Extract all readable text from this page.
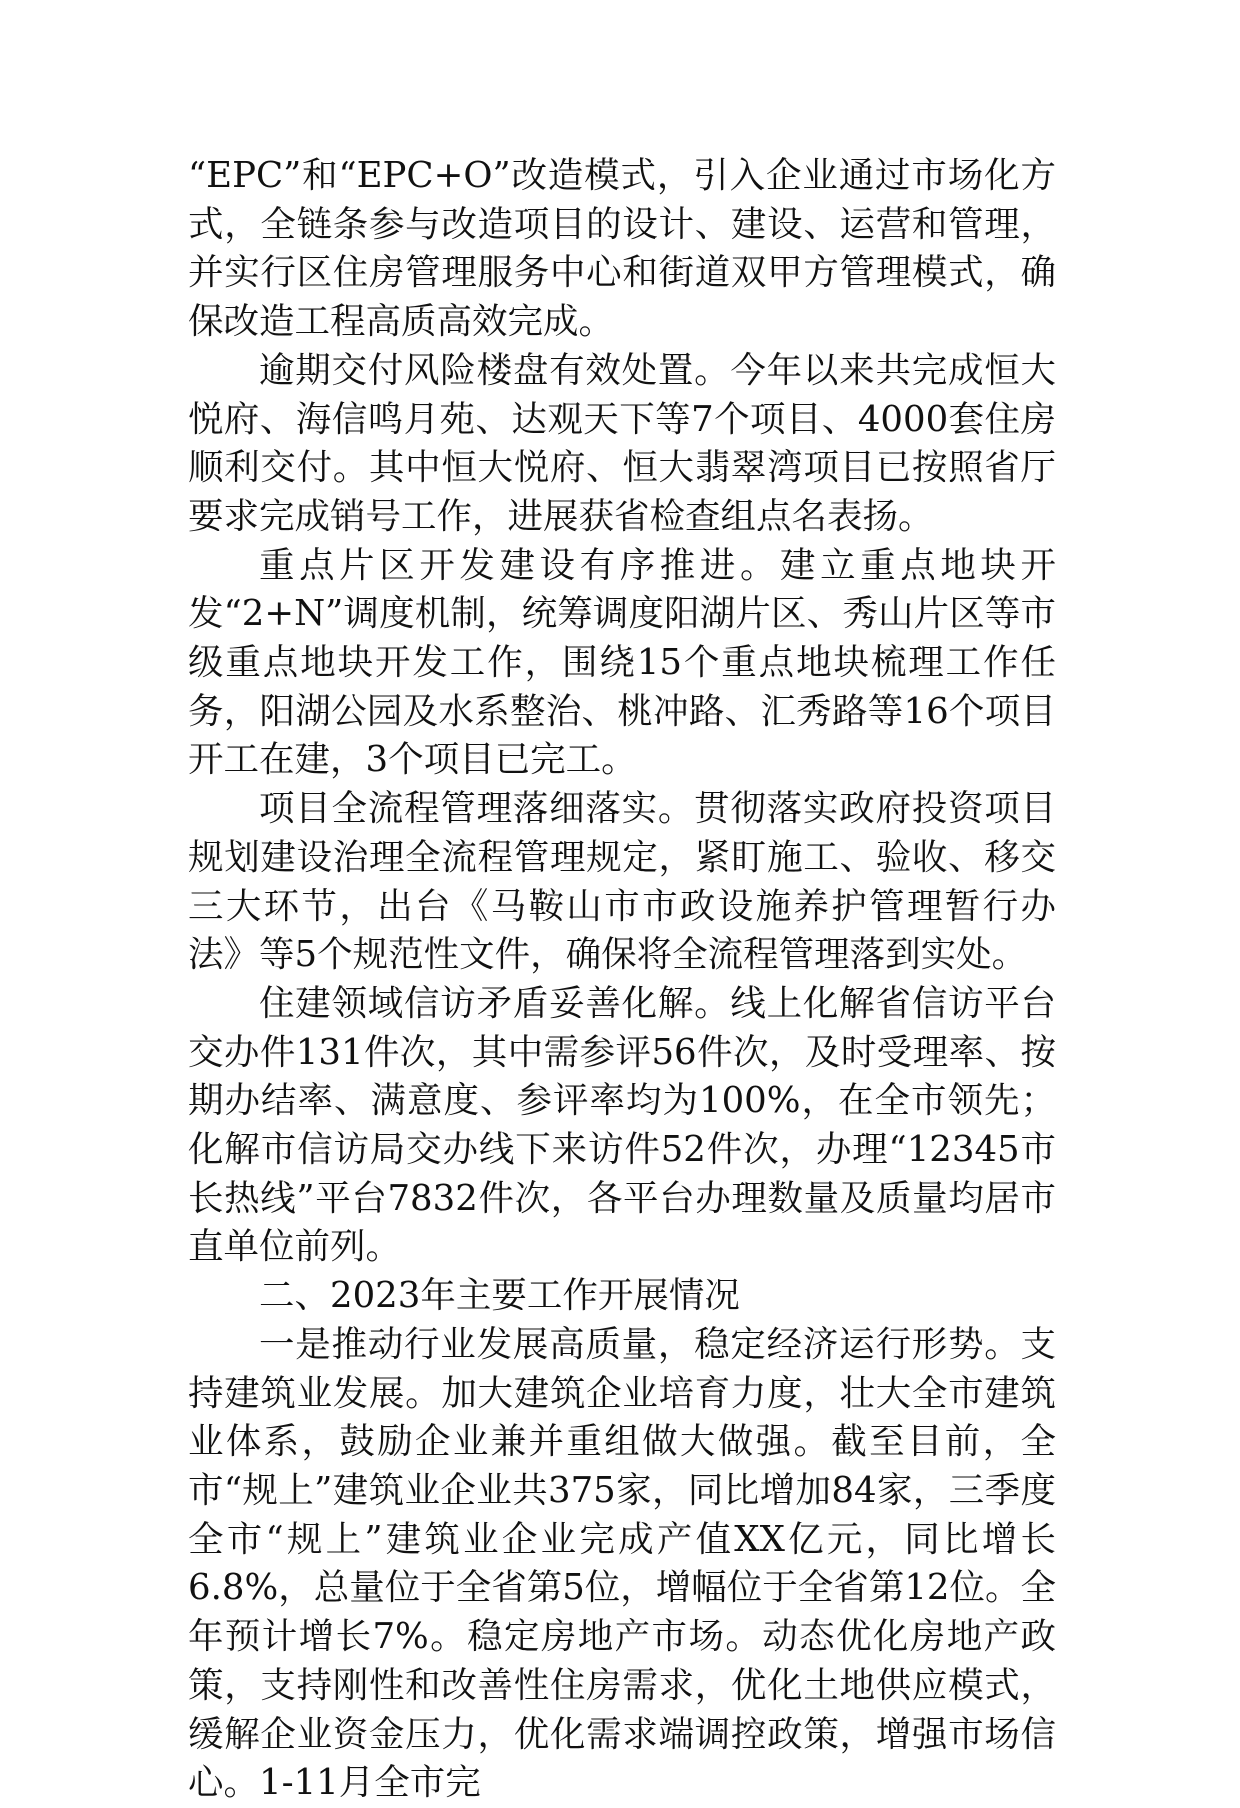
“EPC”和“EPC+O”改造模式，引入企业通过市场化方式，全链条参与改造项目的设计、建设、运营和管理，并实行区住房管理服务中心和街道双甲方管理模式，确保改造工程高质高效完成。

逾期交付风险楼盘有效处置。今年以来共完成恒大悦府、海信鸣月苑、达观天下等7个项目、4000套住房顺利交付。其中恒大悦府、恒大翡翠湾项目已按照省厅要求完成销号工作，进展获省检查组点名表扬。

重点片区开发建设有序推进。建立重点地块开发“2+N”调度机制，统筹调度阳湖片区、秀山片区等市级重点地块开发工作，围绕15个重点地块梳理工作任务，阳湖公园及水系整治、桃冲路、汇秀路等16个项目开工在建，3个项目已完工。

项目全流程管理落细落实。贯彻落实政府投资项目规划建设治理全流程管理规定，紧盯施工、验收、移交三大环节，出台《马鞍山市市政设施养护管理暂行办法》等5个规范性文件，确保将全流程管理落到实处。

住建领域信访矛盾妥善化解。线上化解省信访平台交办件131件次，其中需参评56件次，及时受理率、按期办结率、满意度、参评率均为100%，在全市领先；化解市信访局交办线下来访件52件次，办理“12345市长热线”平台7832件次，各平台办理数量及质量均居市直单位前列。

二、2023年主要工作开展情况

一是推动行业发展高质量，稳定经济运行形势。支持建筑业发展。加大建筑企业培育力度，壮大全市建筑业体系，鼓励企业兼并重组做大做强。截至目前，全市“规上”建筑业企业共375家，同比增加84家，三季度全市“规上”建筑业企业完成产值XX亿元，同比增长6.8%，总量位于全省第5位，增幅位于全省第12位。全年预计增长7%。稳定房地产市场。动态优化房地产政策，支持刚性和改善性住房需求，优化土地供应模式，缓解企业资金压力，优化需求端调控政策，增强市场信心。1-11月全市完
